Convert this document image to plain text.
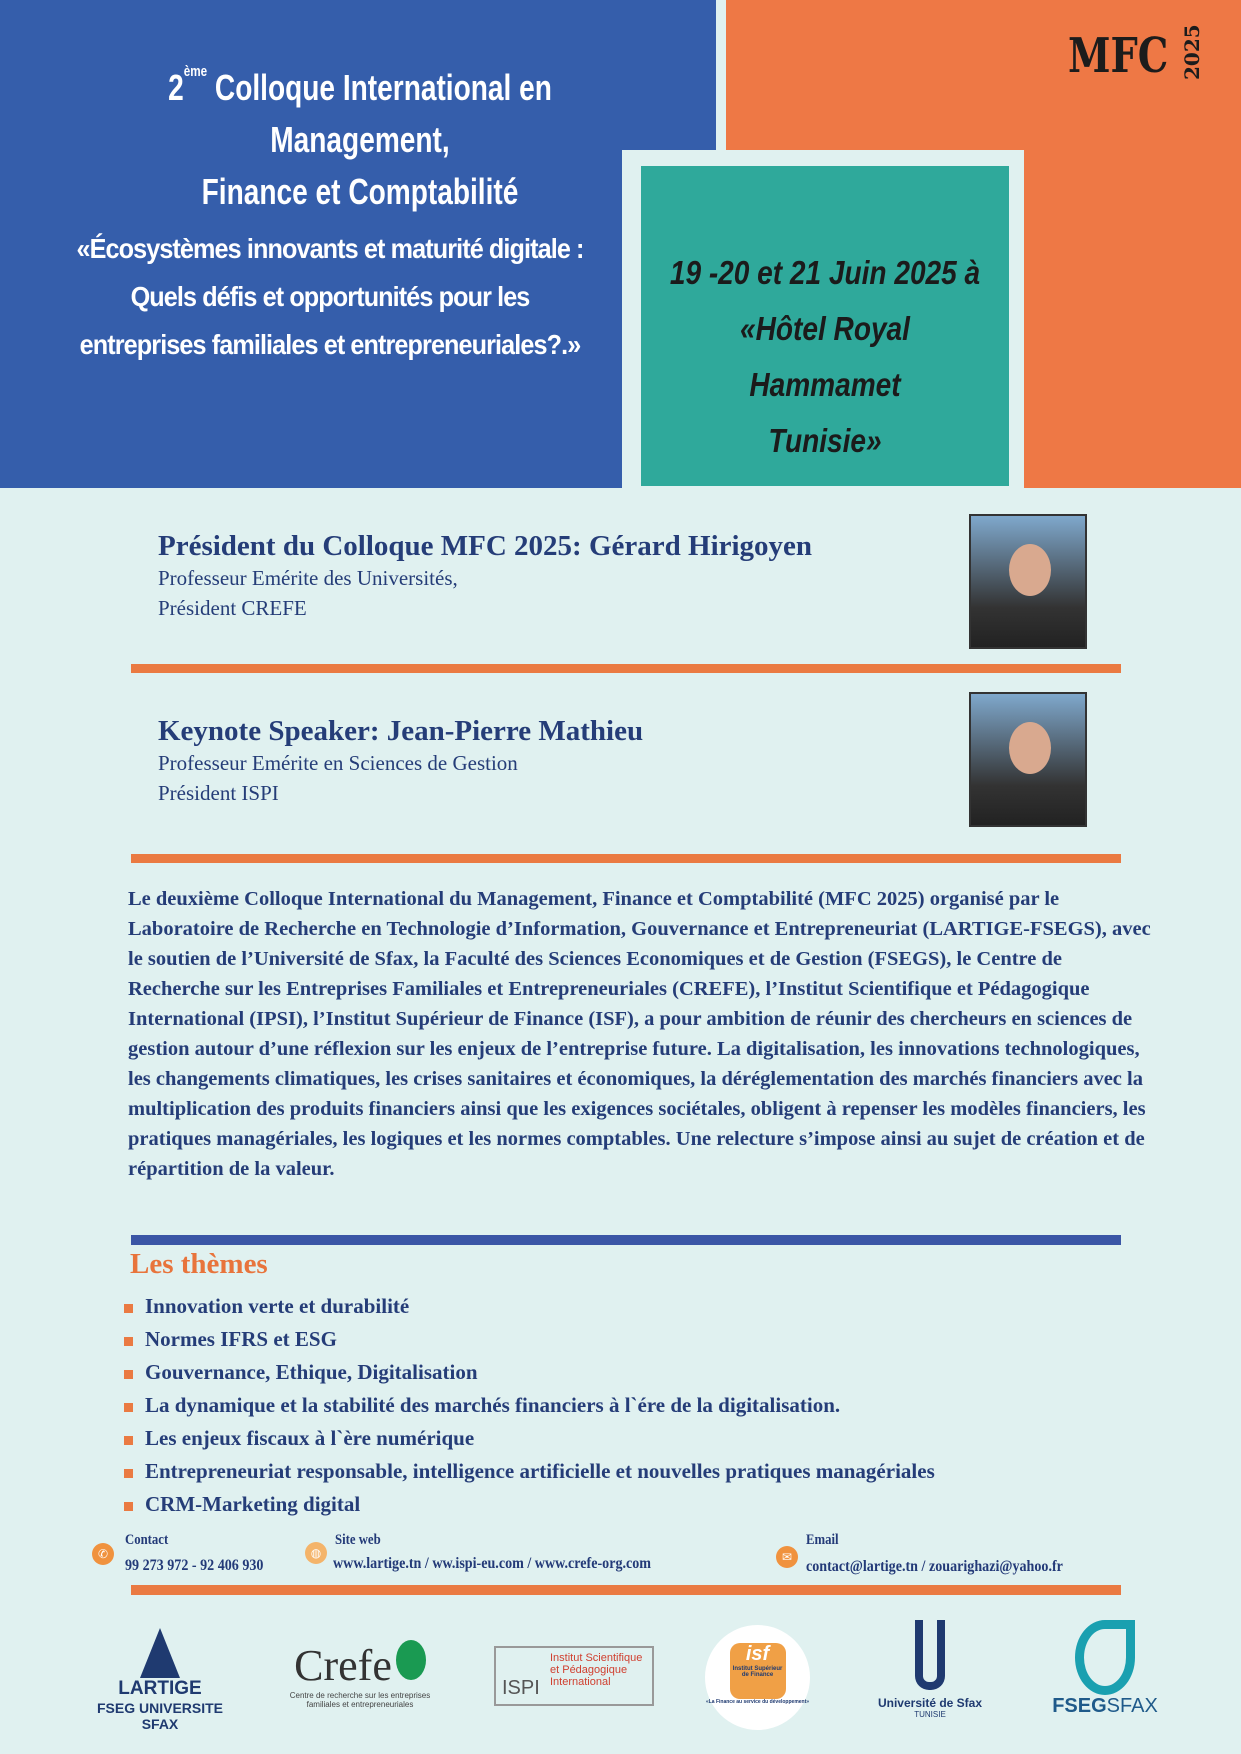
2ème Colloque International en Management,
Finance et Comptabilité
«Écosystèmes innovants et maturité digitale :
Quels défis et opportunités pour les
entreprises familiales et entrepreneuriales?.»
19 -20 et 21 Juin 2025 à
«Hôtel Royal Hammamet
Tunisie»
MFC 2025
Président du Colloque MFC 2025: Gérard Hirigoyen
Professeur Emérite des Universités,
Président CREFE
Keynote Speaker: Jean-Pierre Mathieu
Professeur Emérite en Sciences de Gestion
Président ISPI
Le deuxième Colloque International du Management, Finance et Comptabilité (MFC 2025) organisé par le Laboratoire de Recherche en Technologie d’Information, Gouvernance et Entrepreneuriat (LARTIGE-FSEGS), avec le soutien de l’Université de Sfax, la Faculté des Sciences Economiques et de Gestion (FSEGS), le Centre de Recherche sur les Entreprises Familiales et Entrepreneuriales (CREFE), l’Institut Scientifique et Pédagogique International (IPSI), l’Institut Supérieur de Finance (ISF), a pour ambition de réunir des chercheurs en sciences de gestion autour d’une réflexion sur les enjeux de l’entreprise future. La digitalisation, les innovations technologiques, les changements climatiques, les crises sanitaires et économiques, la déréglementation des marchés financiers avec la multiplication des produits financiers ainsi que les exigences sociétales, obligent à repenser les modèles financiers, les pratiques managériales, les logiques et les normes comptables. Une relecture s’impose ainsi au sujet de création et de répartition de la valeur.
Les thèmes
Innovation verte et durabilité
Normes IFRS et ESG
Gouvernance, Ethique, Digitalisation
La dynamique et la stabilité des marchés financiers à l`ére de la digitalisation.
Les enjeux fiscaux à l`ère numérique
Entrepreneuriat responsable, intelligence artificielle et nouvelles pratiques managériales
CRM-Marketing digital
✆
Contact
99 273 972 - 92 406 930
◍
Site web
www.lartige.tn / ww.ispi-eu.com / www.crefe-org.com	✉
Email
contact@lartige.tn / zouarighazi@yahoo.fr
LARTIGE
FSEG UNIVERSITE SFAX
Crefe
Centre de recherche sur les entreprises familiales et entrepreneuriales
ISPI
Institut Scientifique et Pédagogique International
isf
Institut Supérieur de Finance
«La Finance au service du développement»	Université de Sfax
TUNISIE	FSEGSFAX
